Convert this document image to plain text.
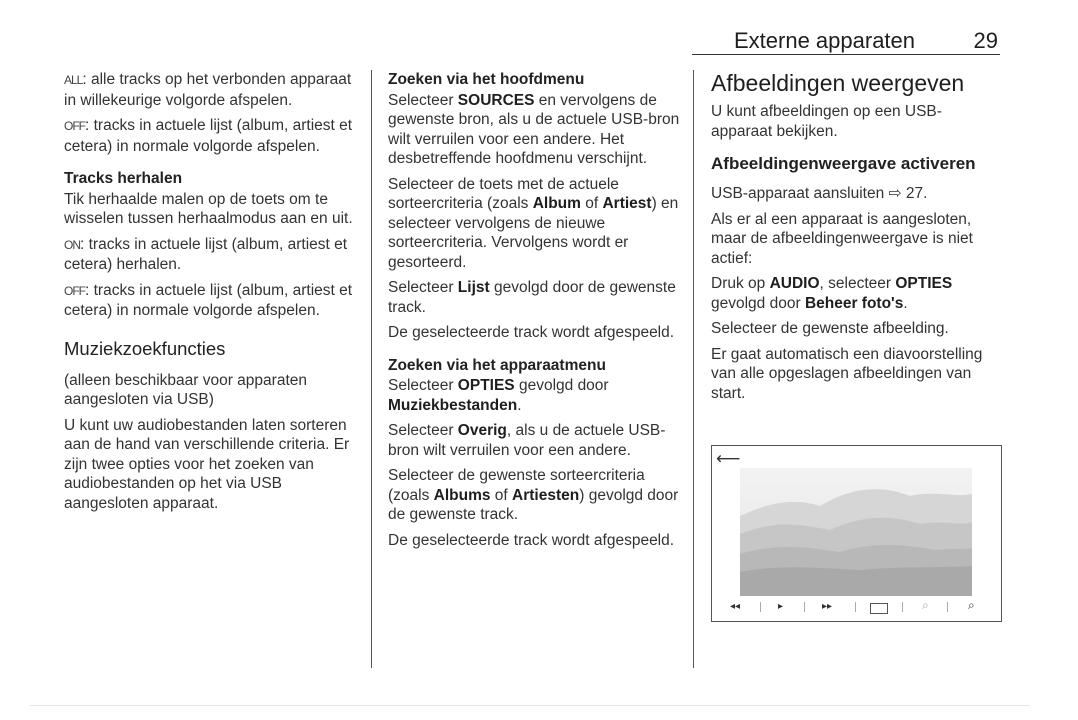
Externe apparaten	29

ALL: alle tracks op het verbonden apparaat in willekeurige volgorde afspelen.

OFF: tracks in actuele lijst (album, artiest et cetera) in normale volgorde afspelen.

Tracks herhalen

Tik herhaalde malen op de toets om te wisselen tussen herhaalmodus aan en uit.

ON: tracks in actuele lijst (album, artiest et cetera) herhalen.

OFF: tracks in actuele lijst (album, artiest et cetera) in normale volgorde afspelen.

Muziekzoekfuncties

(alleen beschikbaar voor apparaten aangesloten via USB)

U kunt uw audiobestanden laten sorteren aan de hand van verschillende criteria. Er zijn twee opties voor het zoeken van audiobestanden op het via USB aangesloten apparaat.

Zoeken via het hoofdmenu

Selecteer SOURCES en vervolgens de gewenste bron, als u de actuele USB-bron wilt verruilen voor een andere. Het desbetreffende hoofdmenu verschijnt.

Selecteer de toets met de actuele sorteercriteria (zoals Album of Artiest) en selecteer vervolgens de nieuwe sorteercriteria. Vervolgens wordt er gesorteerd.

Selecteer Lijst gevolgd door de gewenste track.

De geselecteerde track wordt afgespeeld.

Zoeken via het apparaatmenu

Selecteer OPTIES gevolgd door Muziekbestanden.

Selecteer Overig, als u de actuele USB-bron wilt verruilen voor een andere.

Selecteer de gewenste sorteercriteria (zoals Albums of Artiesten) gevolgd door de gewenste track.

De geselecteerde track wordt afgespeeld.

Afbeeldingen weergeven

U kunt afbeeldingen op een USB-apparaat bekijken.

Afbeeldingenweergave activeren

USB-apparaat aansluiten ⇨ 27.

Als er al een apparaat is aangesloten, maar de afbeeldingenweergave is niet actief:

Druk op AUDIO, selecteer OPTIES gevolgd door Beheer foto's.

Selecteer de gewenste afbeelding.

Er gaat automatisch een diavoorstelling van alle opgeslagen afbeeldingen van start.

⟵
◂◂	▸	▸▸	⌕	⌕
